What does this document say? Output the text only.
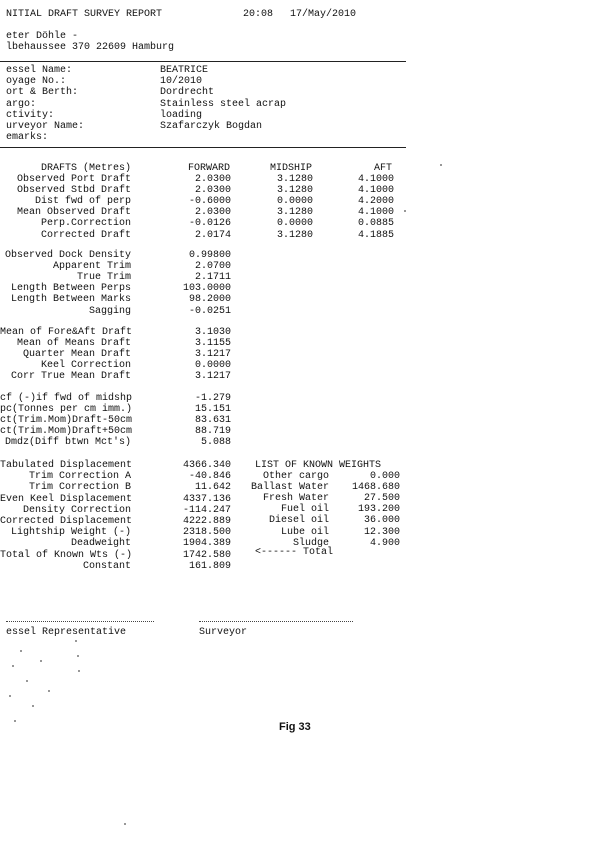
NITIAL DRAFT SURVEY REPORT	20:08 17/May/2010
eter Döhle -
lbehaussee 370 22609 Hamburg
essel Name:	BEATRICE
oyage No.:	10/2010
ort & Berth:	Dordrecht
argo:	Stainless steel acrap
ctivity:	loading
urveyor Name:	Szafarczyk Bogdan
emarks:
DRAFTS (Metres)	FORWARD	MIDSHIP	AFT
Observed Port Draft	2.0300	3.1280	4.1000
Observed Stbd Draft	2.0300	3.1280	4.1000
Dist fwd of perp	-0.6000	0.0000	4.2000
Mean Observed Draft	2.0300	3.1280	4.1000
Perp.Correction	-0.0126	0.0000	0.0885
Corrected Draft	2.0174	3.1280	4.1885
Observed Dock Density	0.99800
Apparent Trim	2.0700
True Trim	2.1711
Length Between Perps	103.0000
Length Between Marks	98.2000
Sagging	-0.0251
Mean of Fore&Aft Draft	3.1030
Mean of Means Draft	3.1155
Quarter Mean Draft	3.1217
Keel Correction	0.0000
Corr True Mean Draft	3.1217
cf (-)if fwd of midshp	-1.279
pc(Tonnes per cm imm.)	15.151
ct(Trim.Mom)Draft-50cm	83.631
ct(Trim.Mom)Draft+50cm	88.719
Dmdz(Diff btwn Mct's)	5.088
Tabulated Displacement	4366.340
Trim Correction A	-40.846
Trim Correction B	11.642
Even Keel Displacement	4337.136
Density Correction	-114.247
Corrected Displacement	4222.889
Lightship Weight (-)	2318.500
Deadweight	1904.389
Total of Known Wts (-)	1742.580
Constant	161.809
LIST OF KNOWN WEIGHTS
Other cargo	0.000
Ballast Water	1468.680
Fresh Water	27.500
Fuel oil	193.200
Diesel oil	36.000
Lube oil	12.300
Sludge	4.900
<------ Total
essel Representative	Surveyor
Fig 33
